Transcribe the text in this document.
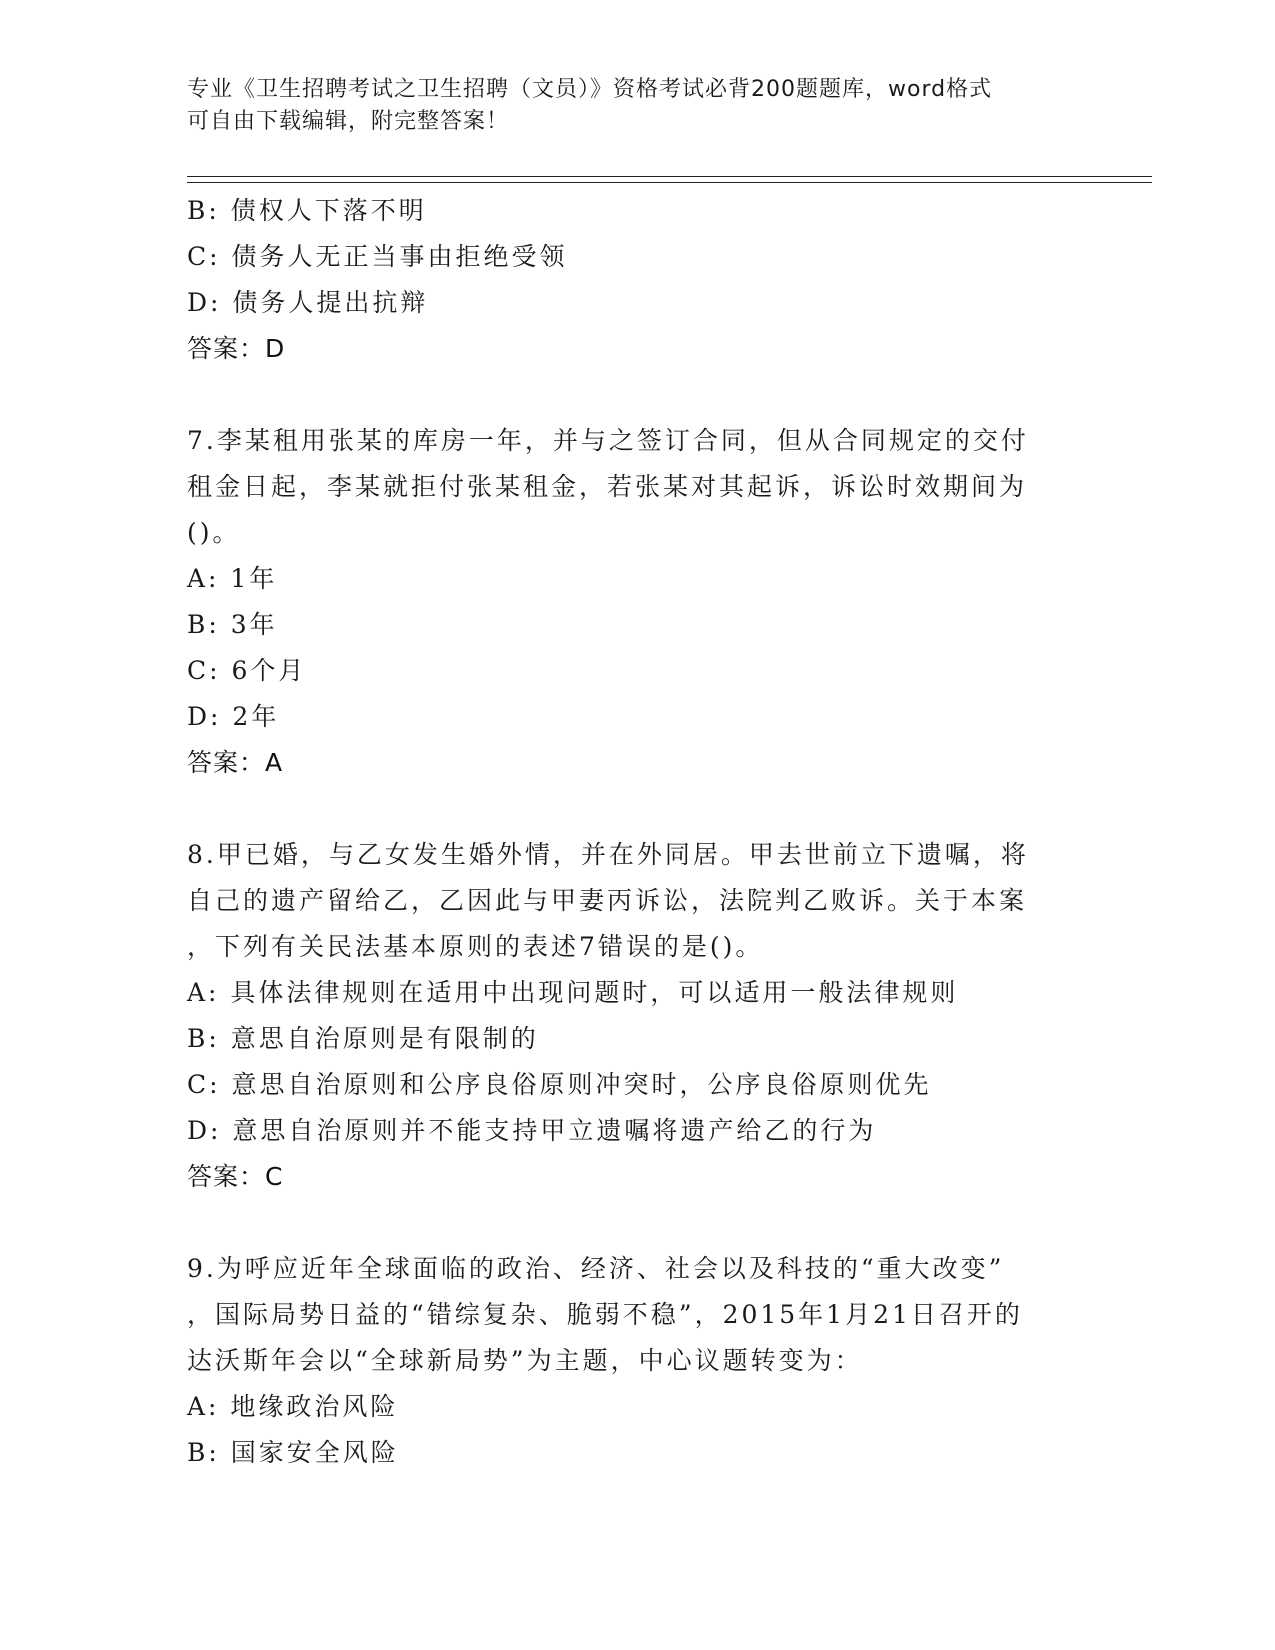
专业《卫生招聘考试之卫生招聘（文员）》资格考试必背200题题库，word格式
可自由下载编辑，附完整答案！
B: 债权人下落不明
C: 债务人无正当事由拒绝受领
D: 债务人提出抗辩
答案：D
7.李某租用张某的库房一年，并与之签订合同，但从合同规定的交付
租金日起，李某就拒付张某租金，若张某对其起诉，诉讼时效期间为
()。
A: 1年
B: 3年
C: 6个月
D: 2年
答案：A
8.甲已婚，与乙女发生婚外情，并在外同居。甲去世前立下遗嘱，将
自己的遗产留给乙，乙因此与甲妻丙诉讼，法院判乙败诉。关于本案
，下列有关民法基本原则的表述7错误的是()。
A: 具体法律规则在适用中出现问题时，可以适用一般法律规则
B: 意思自治原则是有限制的
C: 意思自治原则和公序良俗原则冲突时，公序良俗原则优先
D: 意思自治原则并不能支持甲立遗嘱将遗产给乙的行为
答案：C
9.为呼应近年全球面临的政治、经济、社会以及科技的“重大改变”
，国际局势日益的“错综复杂、脆弱不稳”，2015年1月21日召开的
达沃斯年会以“全球新局势”为主题，中心议题转变为：
A: 地缘政治风险
B: 国家安全风险
